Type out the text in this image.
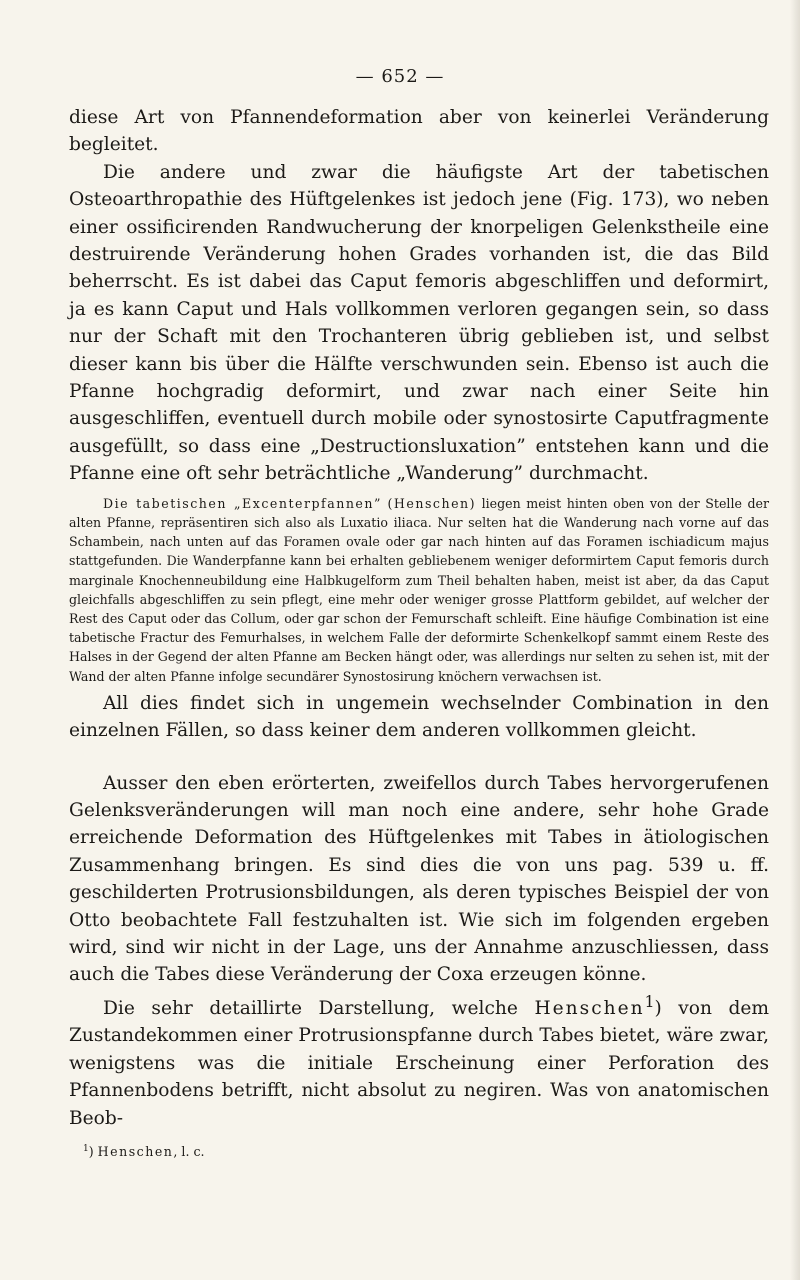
— 652 —

diese Art von Pfannendeformation aber von keinerlei Veränderung begleitet.

Die andere und zwar die häufigste Art der tabetischen Osteoarthropathie des Hüftgelenkes ist jedoch jene (Fig. 173), wo neben einer ossificirenden Randwucherung der knorpeligen Gelenkstheile eine destruirende Veränderung hohen Grades vorhanden ist, die das Bild beherrscht. Es ist dabei das Caput femoris abgeschliffen und deformirt, ja es kann Caput und Hals vollkommen verloren gegangen sein, so dass nur der Schaft mit den Trochanteren übrig geblieben ist, und selbst dieser kann bis über die Hälfte verschwunden sein. Ebenso ist auch die Pfanne hochgradig deformirt, und zwar nach einer Seite hin ausgeschliffen, eventuell durch mobile oder synostosirte Caputfragmente ausgefüllt, so dass eine „Destructionsluxation” entstehen kann und die Pfanne eine oft sehr beträchtliche „Wanderung” durchmacht.

Die tabetischen „Excenterpfannen” (Henschen) liegen meist hinten oben von der Stelle der alten Pfanne, repräsentiren sich also als Luxatio iliaca. Nur selten hat die Wanderung nach vorne auf das Schambein, nach unten auf das Foramen ovale oder gar nach hinten auf das Foramen ischiadicum majus stattgefunden. Die Wanderpfanne kann bei erhalten gebliebenem weniger deformirtem Caput femoris durch marginale Knochenneubildung eine Halbkugelform zum Theil behalten haben, meist ist aber, da das Caput gleichfalls abgeschliffen zu sein pflegt, eine mehr oder weniger grosse Plattform gebildet, auf welcher der Rest des Caput oder das Collum, oder gar schon der Femurschaft schleift. Eine häufige Combination ist eine tabetische Fractur des Femurhalses, in welchem Falle der deformirte Schenkelkopf sammt einem Reste des Halses in der Gegend der alten Pfanne am Becken hängt oder, was allerdings nur selten zu sehen ist, mit der Wand der alten Pfanne infolge secundärer Synostosirung knöchern verwachsen ist.

All dies findet sich in ungemein wechselnder Combination in den einzelnen Fällen, so dass keiner dem anderen vollkommen gleicht.

Ausser den eben erörterten, zweifellos durch Tabes hervorgerufenen Gelenksveränderungen will man noch eine andere, sehr hohe Grade erreichende Deformation des Hüftgelenkes mit Tabes in ätiologischen Zusammenhang bringen. Es sind dies die von uns pag. 539 u. ff. geschilderten Protrusionsbildungen, als deren typisches Beispiel der von Otto beobachtete Fall festzuhalten ist. Wie sich im folgenden ergeben wird, sind wir nicht in der Lage, uns der Annahme anzuschliessen, dass auch die Tabes diese Veränderung der Coxa erzeugen könne.

Die sehr detaillirte Darstellung, welche Henschen$^1$) von dem Zustandekommen einer Protrusionspfanne durch Tabes bietet, wäre zwar, wenigstens was die initiale Erscheinung einer Perforation des Pfannenbodens betrifft, nicht absolut zu negiren. Was von anatomischen Beob-

$^1$) Henschen, l. c.
